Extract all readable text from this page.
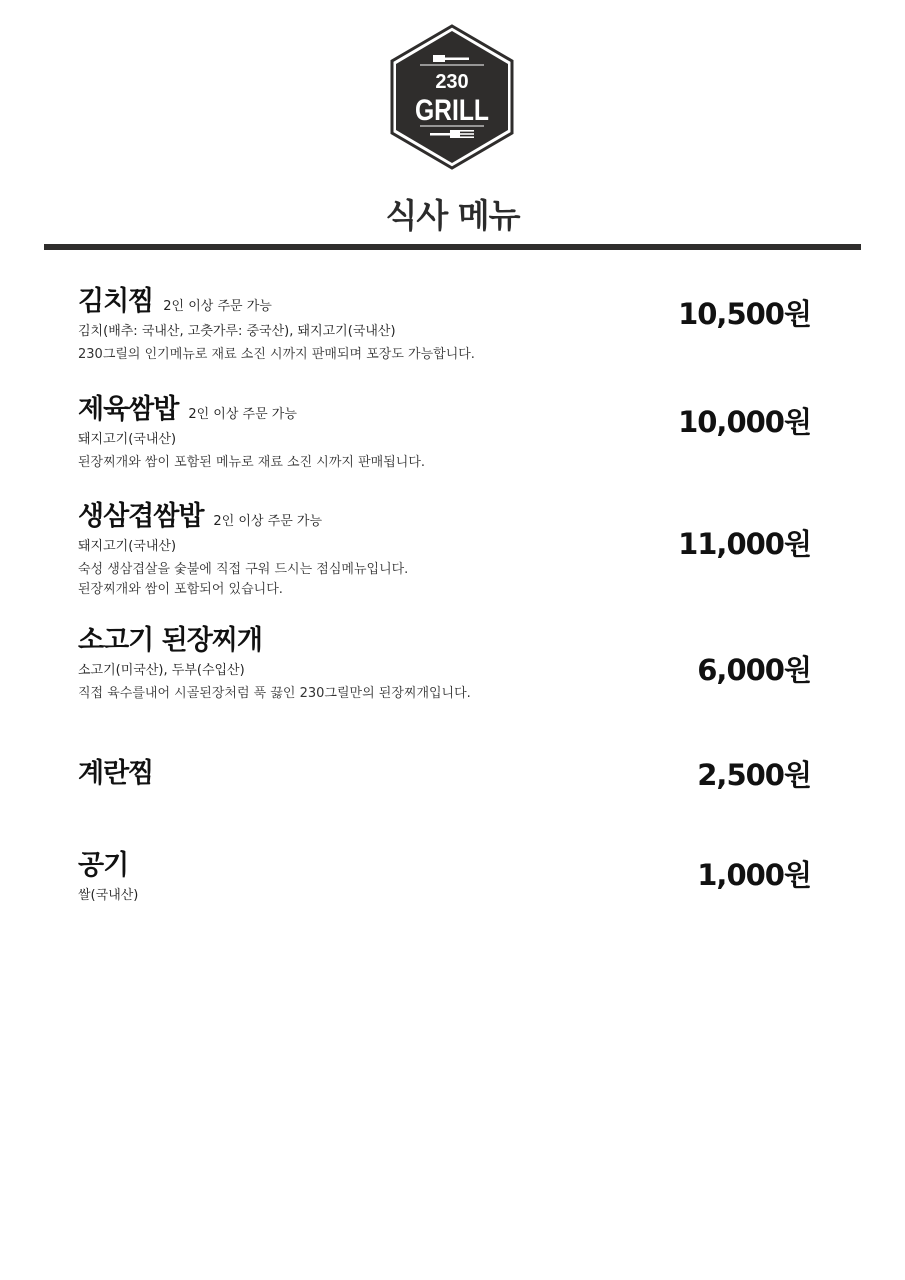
230
GRILL
식사 메뉴
김치찜 2인 이상 주문 가능
김치(배추: 국내산, 고춧가루: 중국산), 돼지고기(국내산)
230그릴의 인기메뉴로 재료 소진 시까지 판매되며 포장도 가능합니다.
10,500원
제육쌈밥 2인 이상 주문 가능
돼지고기(국내산)
된장찌개와 쌈이 포함된 메뉴로 재료 소진 시까지 판매됩니다.
10,000원
생삼겹쌈밥 2인 이상 주문 가능
돼지고기(국내산)
숙성 생삼겹살을 숯불에 직접 구워 드시는 점심메뉴입니다.
된장찌개와 쌈이 포함되어 있습니다.
11,000원
소고기 된장찌개
소고기(미국산), 두부(수입산)
직접 육수를내어 시골된장처럼 푹 끓인 230그릴만의 된장찌개입니다.
6,000원
계란찜	2,500원
공기
쌀(국내산)
1,000원
